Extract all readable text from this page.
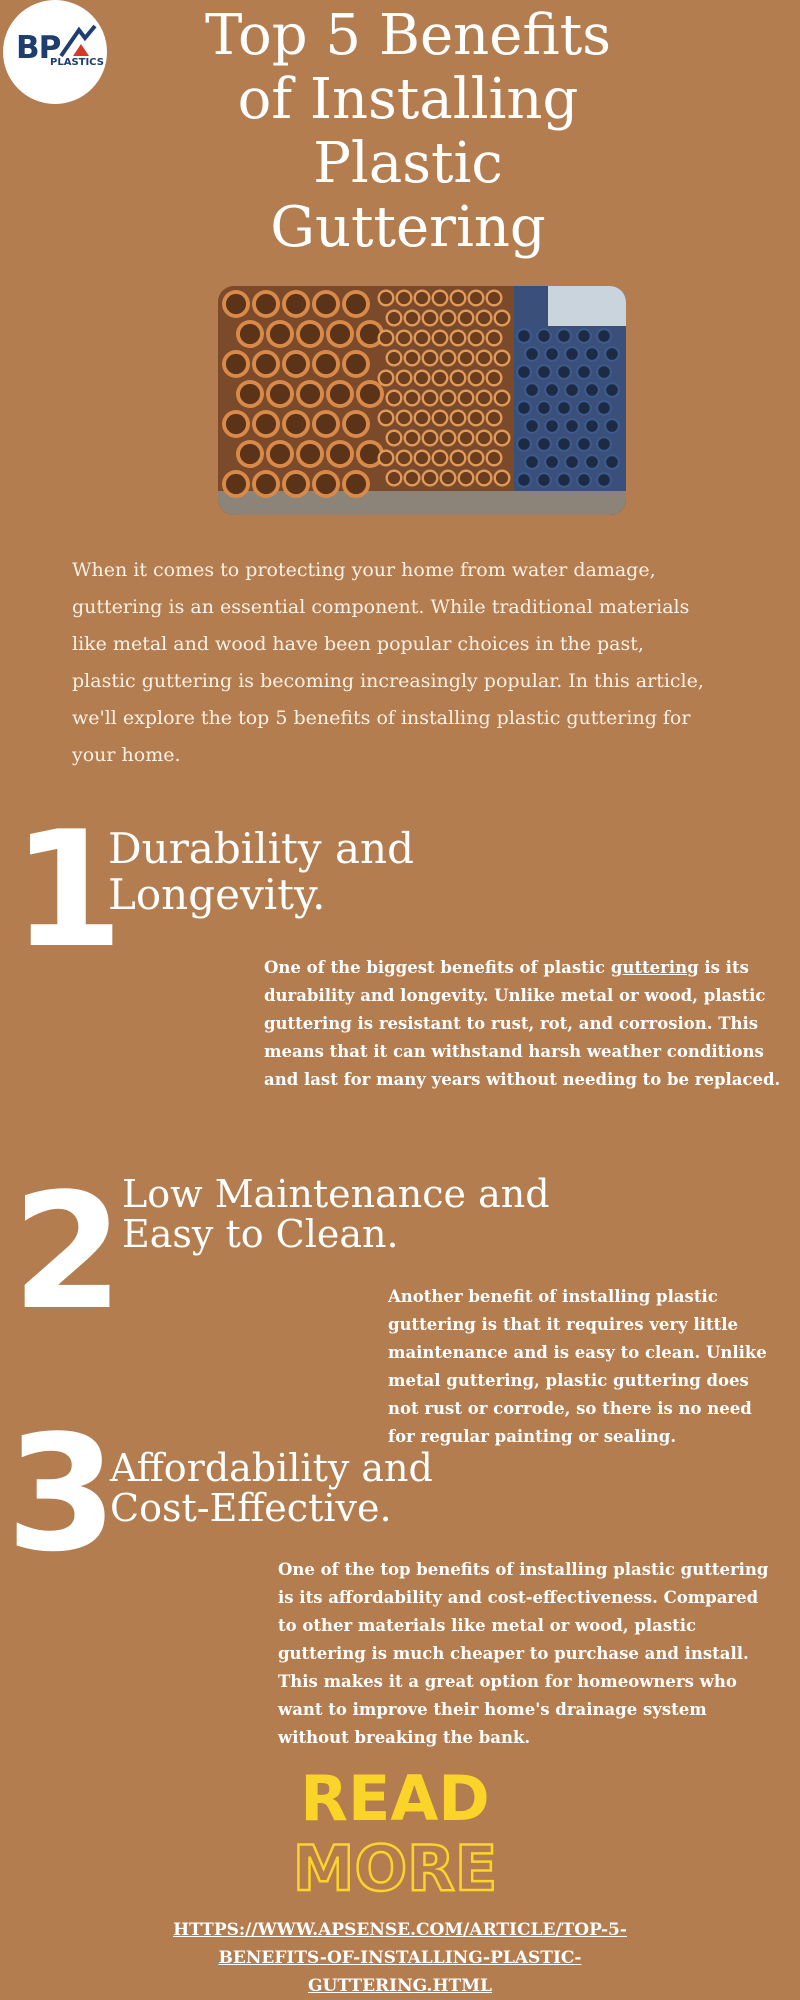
BP
PLASTICS	Top 5 Benefits of Installing Plastic Guttering

When it comes to protecting your home from water damage, guttering is an essential component. While traditional materials like metal and wood have been popular choices in the past, plastic guttering is becoming increasingly popular. In this article, we'll explore the top 5 benefits of installing plastic guttering for your home.

1
Durability and Longevity.

One of the biggest benefits of plastic guttering is its durability and longevity. Unlike metal or wood, plastic guttering is resistant to rust, rot, and corrosion. This means that it can withstand harsh weather conditions and last for many years without needing to be replaced.

2
Low Maintenance and Easy to Clean.

Another benefit of installing plastic guttering is that it requires very little maintenance and is easy to clean. Unlike metal guttering, plastic guttering does not rust or corrode, so there is no need for regular painting or sealing.

3
Affordability and Cost-Effective.

One of the top benefits of installing plastic guttering is its affordability and cost-effectiveness. Compared to other materials like metal or wood, plastic guttering is much cheaper to purchase and install. This makes it a great option for homeowners who want to improve their home's drainage system without breaking the bank.

READ
MORE
HTTPS://WWW.APSENSE.COM/ARTICLE/TOP-5-BENEFITS-OF-INSTALLING-PLASTIC-GUTTERING.HTML
